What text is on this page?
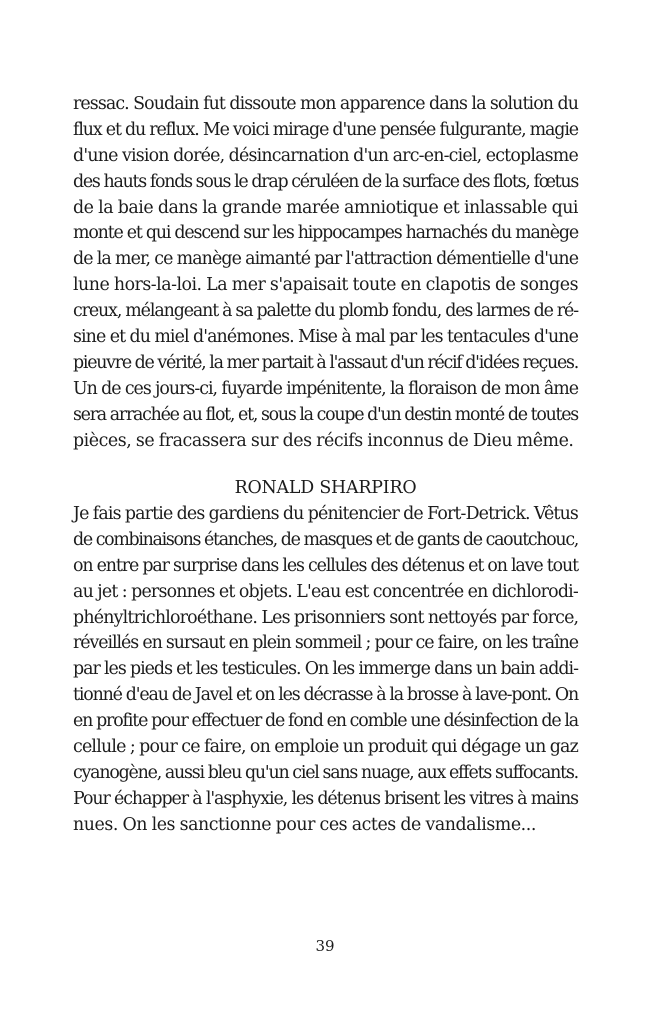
ressac. Soudain fut dissoute mon apparence dans la solution du
flux et du reflux. Me voici mirage d'une pensée fulgurante, magie
d'une vision dorée, désincarnation d'un arc-en-ciel, ectoplasme
des hauts fonds sous le drap céruléen de la surface des flots, fœtus
de la baie dans la grande marée amniotique et inlassable qui
monte et qui descend sur les hippocampes harnachés du manège
de la mer, ce manège aimanté par l'attraction démentielle d'une
lune hors-la-loi. La mer s'apaisait toute en clapotis de songes
creux, mélangeant à sa palette du plomb fondu, des larmes de ré-
sine et du miel d'anémones. Mise à mal par les tentacules d'une
pieuvre de vérité, la mer partait à l'assaut d'un récif d'idées reçues.
Un de ces jours-ci, fuyarde impénitente, la floraison de mon âme
sera arrachée au flot, et, sous la coupe d'un destin monté de toutes
pièces, se fracassera sur des récifs inconnus de Dieu même.
RONALD SHARPIRO
Je fais partie des gardiens du pénitencier de Fort-Detrick. Vêtus
de combinaisons étanches, de masques et de gants de caoutchouc,
on entre par surprise dans les cellules des détenus et on lave tout
au jet : personnes et objets. L'eau est concentrée en dichlorodi-
phényltrichloroéthane. Les prisonniers sont nettoyés par force,
réveillés en sursaut en plein sommeil ; pour ce faire, on les traîne
par les pieds et les testicules. On les immerge dans un bain addi-
tionné d'eau de Javel et on les décrasse à la brosse à lave-pont. On
en profite pour effectuer de fond en comble une désinfection de la
cellule ; pour ce faire, on emploie un produit qui dégage un gaz
cyanogène, aussi bleu qu'un ciel sans nuage, aux effets suffocants.
Pour échapper à l'asphyxie, les détenus brisent les vitres à mains
nues. On les sanctionne pour ces actes de vandalisme...
39
